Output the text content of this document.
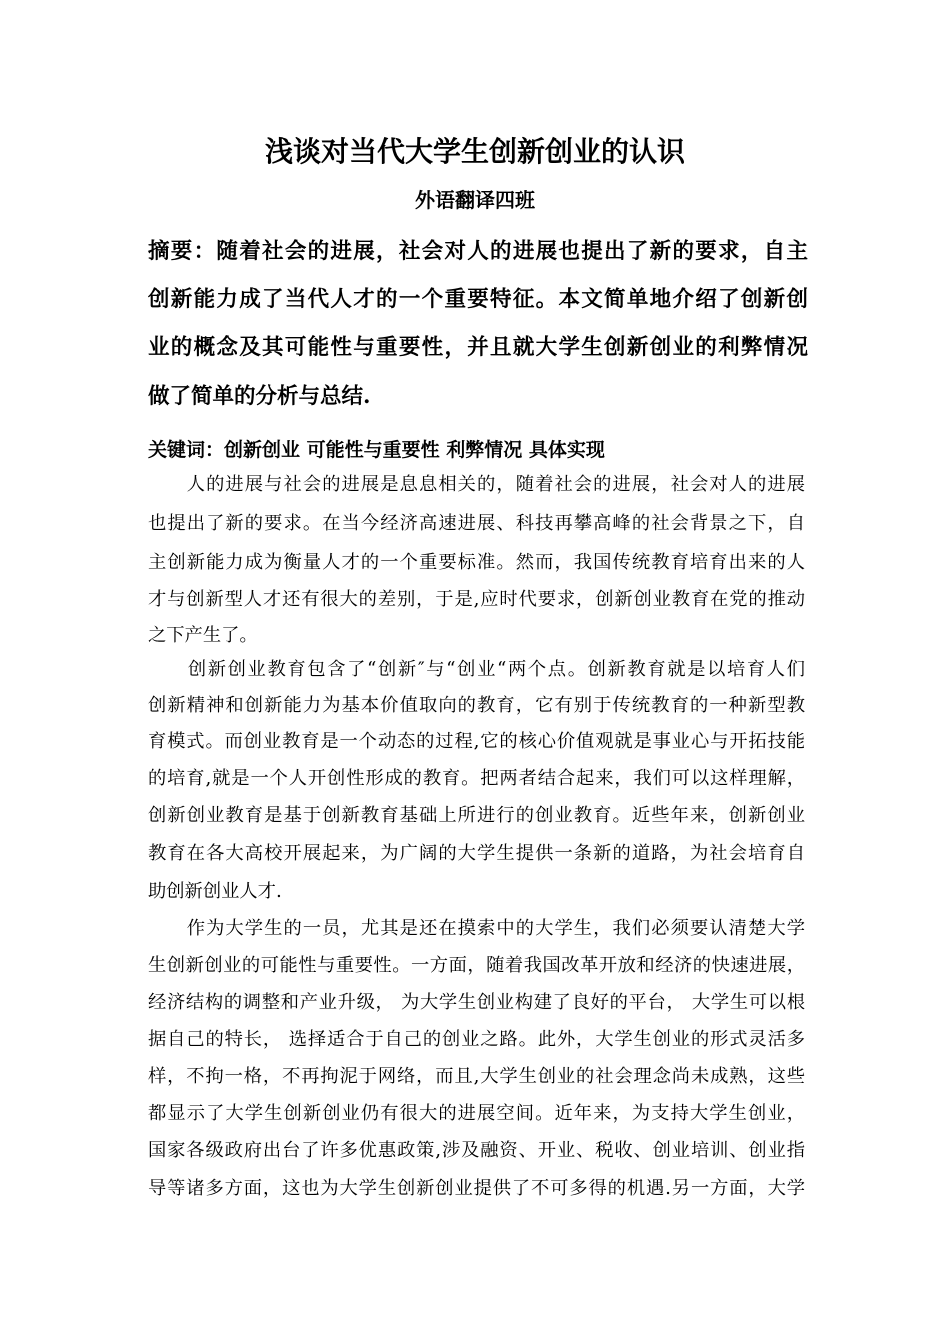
浅谈对当代大学生创新创业的认识
外语翻译四班
摘要：随着社会的进展，社会对人的进展也提出了新的要求，自主
创新能力成了当代人才的一个重要特征。本文简单地介绍了创新创
业的概念及其可能性与重要性，并且就大学生创新创业的利弊情况
做了简单的分析与总结.
关键词：创新创业 可能性与重要性 利弊情况 具体实现
　　人的进展与社会的进展是息息相关的，随着社会的进展，社会对人的进展
也提出了新的要求。在当今经济高速进展、科技再攀高峰的社会背景之下，自
主创新能力成为衡量人才的一个重要标准。然而，我国传统教育培育出来的人
才与创新型人才还有很大的差别，于是,应时代要求，创新创业教育在党的推动
之下产生了。
　　创新创业教育包含了“创新″与“创业“两个点。创新教育就是以培育人们
创新精神和创新能力为基本价值取向的教育，它有别于传统教育的一种新型教
育模式。而创业教育是一个动态的过程,它的核心价值观就是事业心与开拓技能
的培育,就是一个人开创性形成的教育。把两者结合起来，我们可以这样理解，
创新创业教育是基于创新教育基础上所进行的创业教育。近些年来，创新创业
教育在各大高校开展起来，为广阔的大学生提供一条新的道路，为社会培育自
助创新创业人才.
　　作为大学生的一员，尤其是还在摸索中的大学生，我们必须要认清楚大学
生创新创业的可能性与重要性。一方面，随着我国改革开放和经济的快速进展，
经济结构的调整和产业升级， 为大学生创业构建了良好的平台， 大学生可以根
据自己的特长， 选择适合于自己的创业之路。此外，大学生创业的形式灵活多
样，不拘一格，不再拘泥于网络，而且,大学生创业的社会理念尚未成熟，这些
都显示了大学生创新创业仍有很大的进展空间。近年来，为支持大学生创业，
国家各级政府出台了许多优惠政策,涉及融资、开业、税收、创业培训、创业指
导等诸多方面，这也为大学生创新创业提供了不可多得的机遇.另一方面，大学
